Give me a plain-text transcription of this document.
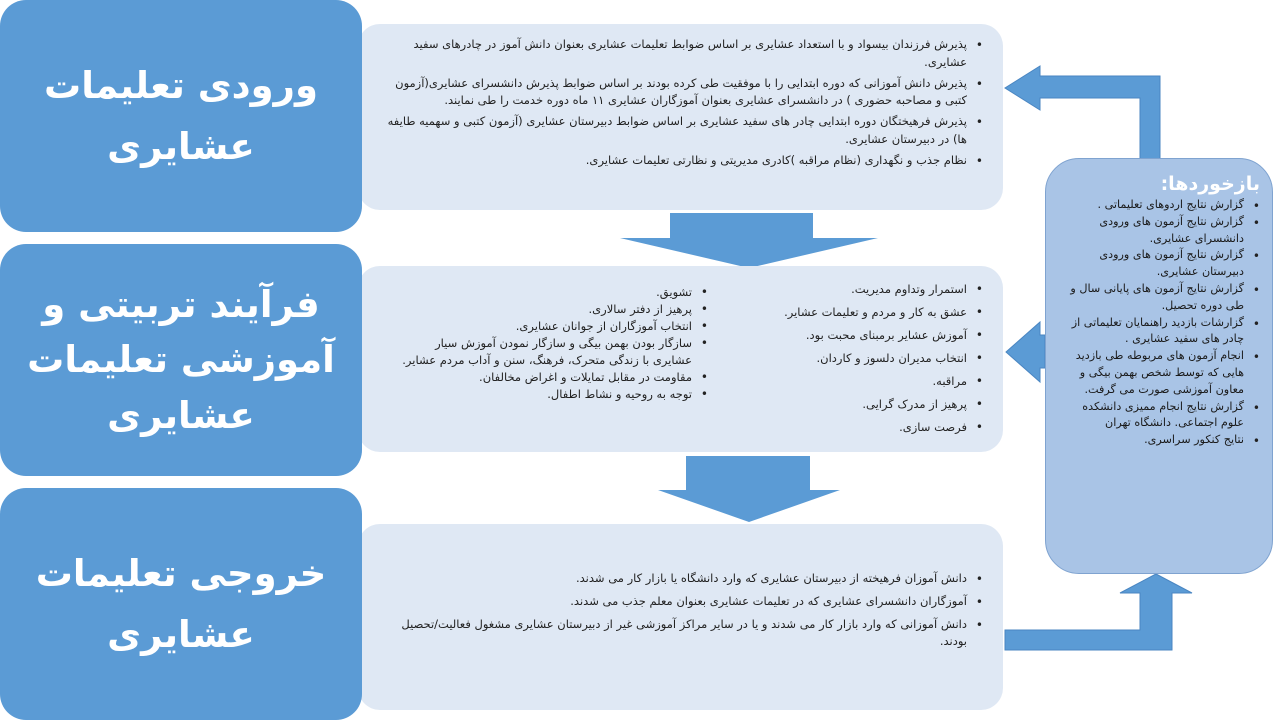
• پذیرش فرزندان بیسواد و با استعداد عشایری بر اساس ضوابط تعلیمات عشایری بعنوان دانش آموز در چادرهای سفید عشایری.
• پذیرش دانش آموزانی که دوره ابتدایی را با موفقیت طی کرده بودند بر اساس ضوابط پذیرش دانشسرای عشایری(آزمون کتبی و مصاحبه حضوری ) در دانشسرای عشایری بعنوان آموزگاران عشایری ۱۱ ماه دوره خدمت را طی نمایند.
• پذیرش فرهیختگان دوره ابتدایی چادر های سفید عشایری بر اساس ضوابط دبیرستان عشایری (آزمون کتبی و سهمیه طایفه ها) در دبیرستان عشایری.
• نظام جذب و نگهداری (نظام مراقبه )کادری مدیریتی و نظارتی تعلیمات عشایری.
ورودی تعلیمات
عشایری
• استمرار وتداوم مدیریت.
• عشق به کار و مردم و تعلیمات عشایر.
• آموزش عشایر برمبنای محبت بود.
• انتخاب مدیران دلسوز و کاردان.
• مراقبه.
• پرهیز از مدرک گرایی.
• فرصت سازی.
• تشویق.
• پرهیز از دفتر سالاری.
• انتخاب آموزگاران از جوانان عشایری.
• سازگار بودن بهمن بیگی و سازگار نمودن آموزش سیار عشایری با زندگی متحرک، فرهنگ، سنن و آداب مردم عشایر.
• مقاومت در مقابل تمایلات و اغراض مخالفان.
• توجه به روحیه و نشاط اطفال.
فرآیند تربیتی و
آموزشی تعلیمات
عشایری
• دانش آموزان فرهیخته از دبیرستان عشایری که وارد دانشگاه یا بازار کار می شدند.
• آموزگاران دانشسرای عشایری که در تعلیمات عشایری بعنوان معلم جذب می شدند.
• دانش آموزانی که وارد بازار کار می شدند و یا در سایر مراکز آموزشی غیر از دبیرستان عشایری مشغول فعالیت/تحصیل بودند.
خروجی تعلیمات
عشایری
بازخوردها:
• گزارش نتایج اردوهای تعلیماتی .
• گزارش نتایج آزمون های ورودی دانشسرای عشایری.
• گزارش نتایج آزمون های ورودی دبیرستان عشایری.
• گزارش نتایج آزمون های پایانی سال و طی دوره تحصیل.
• گزارشات بازدید راهنمایان تعلیماتی از چادر های سفید عشایری .
• انجام آزمون های مربوطه طی بازدید هایی که توسط شخص بهمن بیگی و معاون آموزشی صورت می گرفت.
• گزارش نتایج انجام ممیزی دانشکده علوم اجتماعی. دانشگاه تهران
• نتایج کنکور سراسری.
